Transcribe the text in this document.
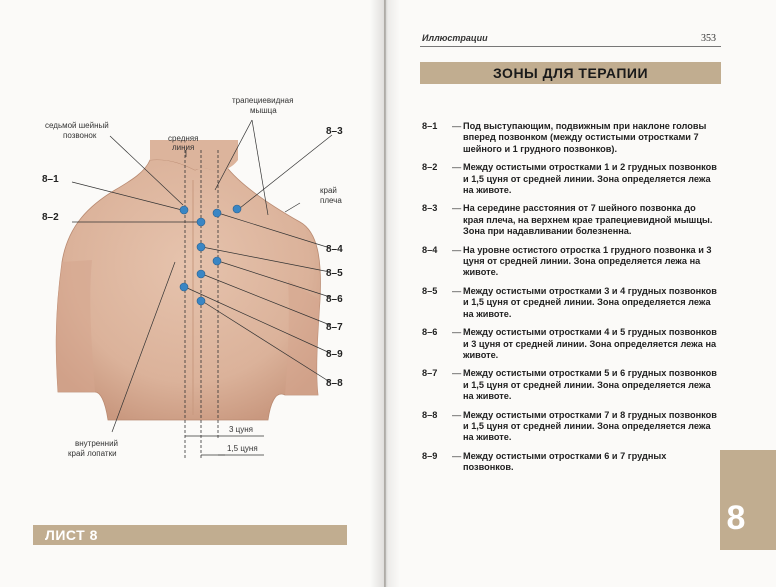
седьмой шейный
позвонок	средняя
линия
трапециевидная
мышца
край
плеча
внутренний
край лопатки
3 цуня
1,5 цуня
8–1
8–2
8–3
8–4
8–5
8–6
8–7
8–9
8–8
ЛИСТ 8
Иллюстрации	353
ЗОНЫ ДЛЯ ТЕРАПИИ
8–1	— Под выступающим, подвижным при наклоне головы вперед позвонком (между остистыми отростками 7 шейного и 1 грудного позвонков).
8–2	— Между остистыми отростками 1 и 2 грудных позвонков и 1,5 цуня от средней линии. Зона определяется лежа на животе.
8–3	— На середине расстояния от 7 шейного позвонка до края плеча, на верхнем крае трапециевидной мышцы. Зона при надавливании болезненна.
8–4	— На уровне остистого отростка 1 грудного позвонка и 3 цуня от средней линии. Зона определяется лежа на животе.
8–5	— Между остистыми отростками 3 и 4 грудных позвонков и 1,5 цуня от средней линии. Зона определяется лежа на животе.
8–6	— Между остистыми отростками 4 и 5 грудных позвонков и 3 цуня от средней линии. Зона определяется лежа на животе.
8–7	— Между остистыми отростками 5 и 6 грудных позвонков и 1,5 цуня от средней линии. Зона определяется лежа на животе.
8–8	— Между остистыми отростками 7 и 8 грудных позвонков и 1,5 цуня от средней линии. Зона определяется лежа на животе.
8–9	— Между остистыми отростками 6 и 7 грудных позвонков.
8
